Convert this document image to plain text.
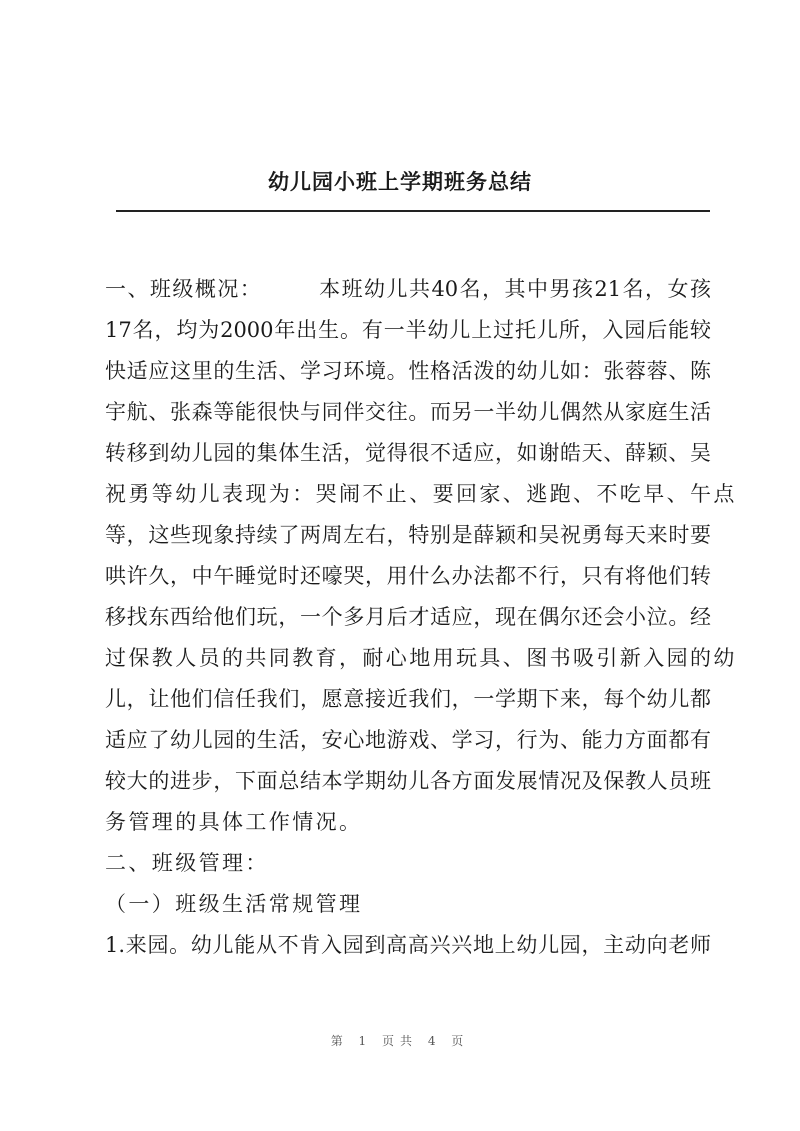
幼儿园小班上学期班务总结
一、班级概况：　　　本班幼儿共40名，其中男孩21名，女孩
17名，均为2000年出生。有一半幼儿上过托儿所，入园后能较
快适应这里的生活、学习环境。性格活泼的幼儿如：张蓉蓉、陈
宇航、张森等能很快与同伴交往。而另一半幼儿偶然从家庭生活
转移到幼儿园的集体生活，觉得很不适应，如谢皓天、薛颖、吴
祝勇等幼儿表现为：哭闹不止、要回家、逃跑、不吃早、午点
等，这些现象持续了两周左右，特别是薛颖和吴祝勇每天来时要
哄许久，中午睡觉时还嚎哭，用什么办法都不行，只有将他们转
移找东西给他们玩，一个多月后才适应，现在偶尔还会小泣。经
过保教人员的共同教育，耐心地用玩具、图书吸引新入园的幼
儿，让他们信任我们，愿意接近我们，一学期下来，每个幼儿都
适应了幼儿园的生活，安心地游戏、学习，行为、能力方面都有
较大的进步，下面总结本学期幼儿各方面发展情况及保教人员班
务管理的具体工作情况。
二、班级管理：
（一）班级生活常规管理
1.来园。幼儿能从不肯入园到高高兴兴地上幼儿园，主动向老师
第 1 页共 4 页
